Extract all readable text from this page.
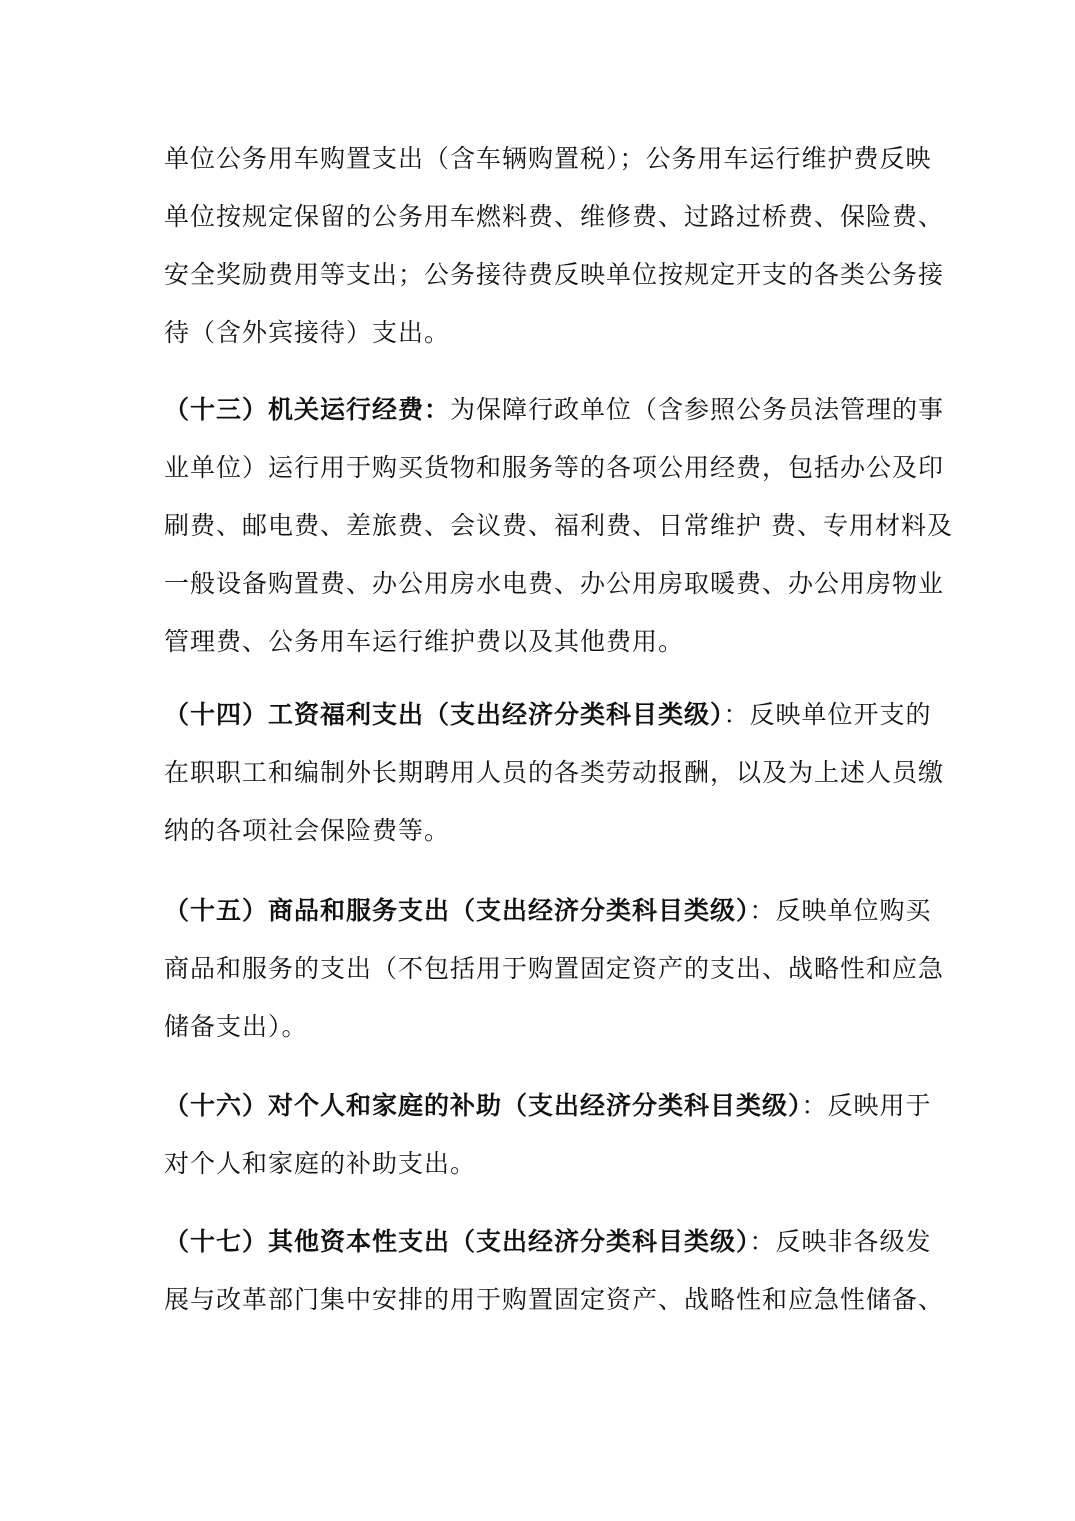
单位公务用车购置支出（含车辆购置税）；公务用车运行维护费反映
单位按规定保留的公务用车燃料费、维修费、过路过桥费、保险费、
安全奖励费用等支出；公务接待费反映单位按规定开支的各类公务接
待（含外宾接待）支出。
（十三）机关运行经费：为保障行政单位（含参照公务员法管理的事
业单位）运行用于购买货物和服务等的各项公用经费，包括办公及印
刷费、邮电费、差旅费、会议费、福利费、日常维护 费、专用材料及
一般设备购置费、办公用房水电费、办公用房取暖费、办公用房物业
管理费、公务用车运行维护费以及其他费用。
（十四）工资福利支出（支出经济分类科目类级）：反映单位开支的
在职职工和编制外长期聘用人员的各类劳动报酬，以及为上述人员缴
纳的各项社会保险费等。
（十五）商品和服务支出（支出经济分类科目类级）：反映单位购买
商品和服务的支出（不包括用于购置固定资产的支出、战略性和应急
储备支出）。
（十六）对个人和家庭的补助（支出经济分类科目类级）：反映用于
对个人和家庭的补助支出。
（十七）其他资本性支出（支出经济分类科目类级）：反映非各级发
展与改革部门集中安排的用于购置固定资产、战略性和应急性储备、
